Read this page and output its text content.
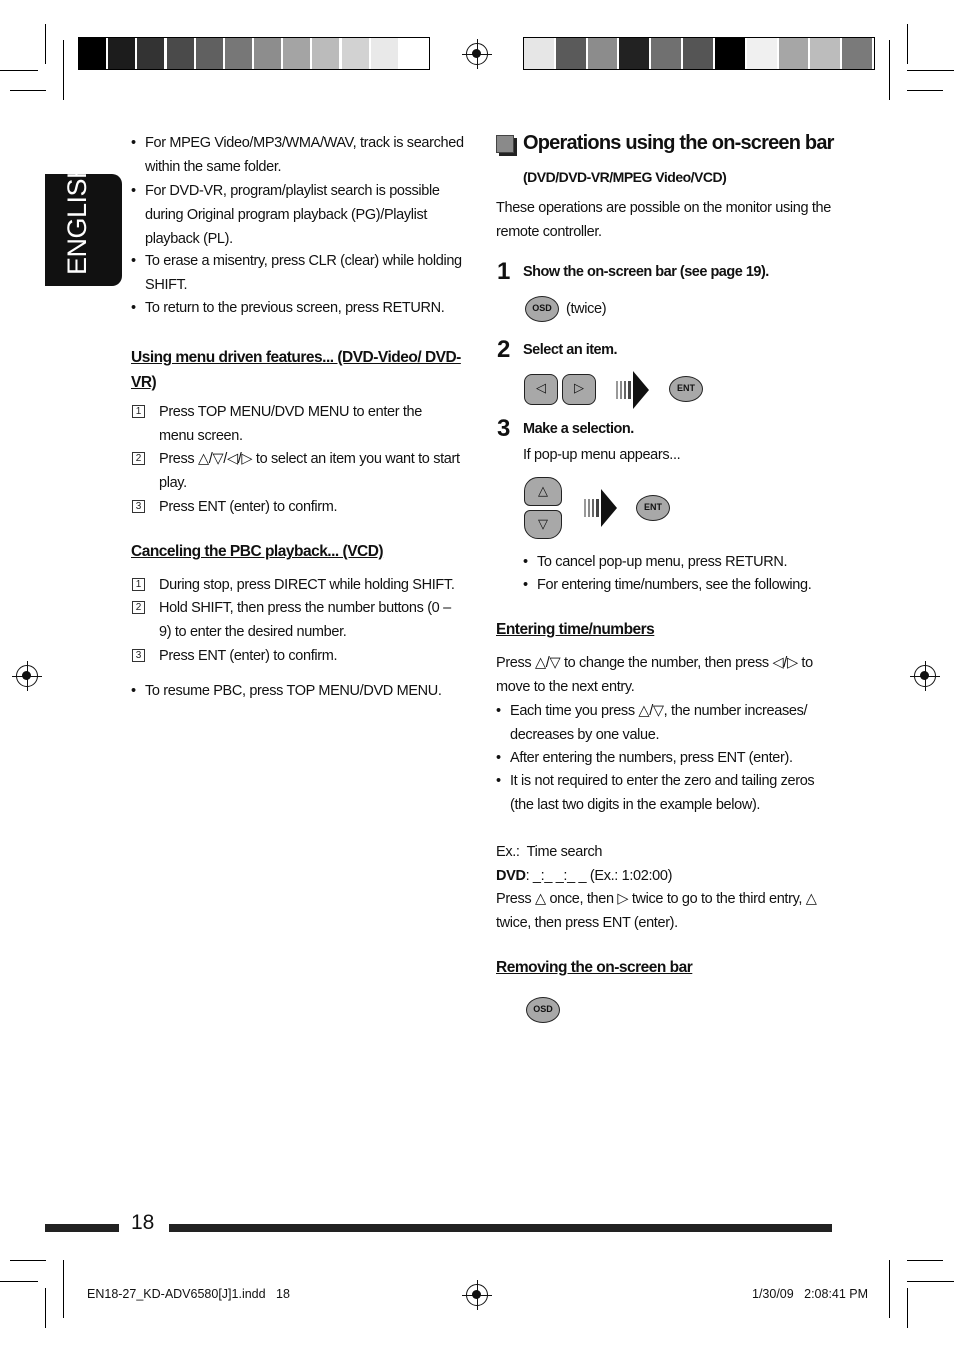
ENGLISH
• For MPEG Video/MP3/WMA/WAV, track is searched within the same folder.
• For DVD-VR, program/playlist search is possible during Original program playback (PG)/Playlist playback (PL).
• To erase a misentry, press CLR (clear) while holding SHIFT.
• To return to the previous screen, press RETURN.
Using menu driven features... (DVD-Video/ DVD-VR)
1 Press TOP MENU/DVD MENU to enter the menu screen.
2 Press △/▽/◁/▷ to select an item you want to start play.
3 Press ENT (enter) to confirm.
Canceling the PBC playback... (VCD)
1 During stop, press DIRECT while holding SHIFT.
2 Hold SHIFT, then press the number buttons (0 – 9) to enter the desired number.
3 Press ENT (enter) to confirm.
• To resume PBC, press TOP MENU/DVD MENU.
Operations using the on-screen bar
(DVD/DVD-VR/MPEG Video/VCD)
These operations are possible on the monitor using the remote controller.
1 Show the on-screen bar (see page 19).
OSD (twice)
2 Select an item.
◁	▷	ENT
3 Make a selection.
If pop-up menu appears...
△
▽
ENT
• To cancel pop-up menu, press RETURN.
• For entering time/numbers, see the following.
Entering time/numbers
Press △/▽ to change the number, then press ◁/▷ to move to the next entry.
• Each time you press △/▽, the number increases/ decreases by one value.
• After entering the numbers, press ENT (enter).
• It is not required to enter the zero and tailing zeros (the last two digits in the example below).
Ex.:  Time search
DVD: _:_ _:_ _ (Ex.: 1:02:00)
Press △ once, then ▷ twice to go to the third entry, △ twice, then press ENT (enter).
Removing the on-screen bar
OSD
18
EN18-27_KD-ADV6580[J]1.indd   18	1/30/09   2:08:41 PM
